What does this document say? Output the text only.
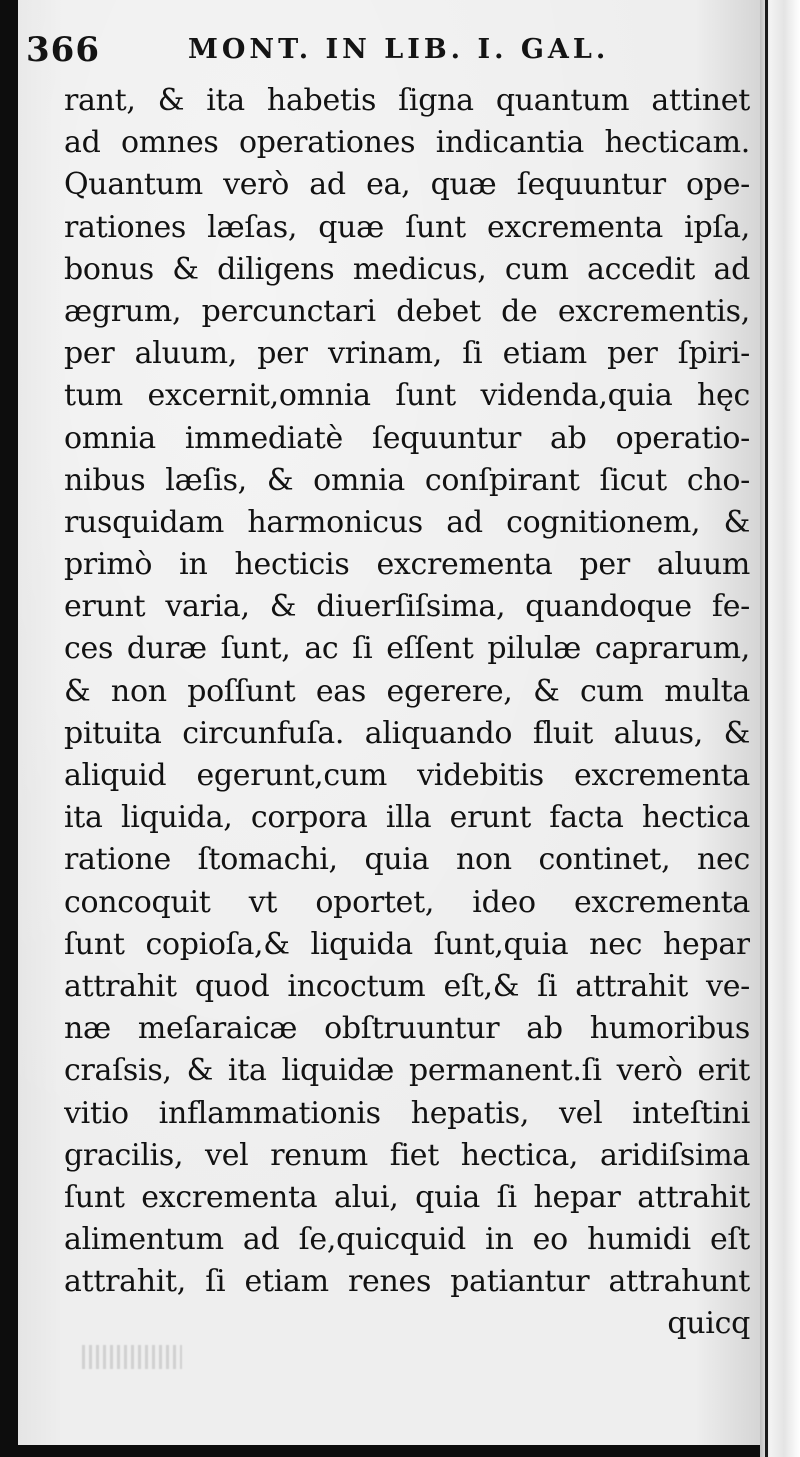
366	MONT. IN LIB. I. GAL.
rant, & ita habetis ſigna quantum attinet
ad omnes operationes indicantia hecticam.
Quantum verò ad ea, quæ ſequuntur ope-
rationes læſas, quæ ſunt excrementa ipſa,
bonus & diligens medicus, cum accedit ad
ægrum, percunctari debet de excrementis,
per aluum, per vrinam, ſi etiam per ſpiri-
tum excernit,omnia ſunt videnda,quia hęc
omnia immediatè ſequuntur ab operatio-
nibus læſis, & omnia conſpirant ſicut cho-
rusquidam harmonicus ad cognitionem, &
primò in hecticis excrementa per aluum
erunt varia, & diuerſiſsima, quandoque fe-
ces duræ ſunt, ac ſi eſſent pilulæ caprarum,
& non poſſunt eas egerere, & cum multa
pituita circunfuſa. aliquando fluit aluus, &
aliquid egerunt,cum videbitis excrementa
ita liquida, corpora illa erunt facta hectica
ratione ſtomachi, quia non continet, nec
concoquit vt oportet, ideo excrementa
ſunt copioſa,& liquida ſunt,quia nec hepar
attrahit quod incoctum eſt,& ſi attrahit ve-
næ meſaraicæ obſtruuntur ab humoribus
craſsis, & ita liquidæ permanent.ſi verò erit
vitio inflammationis hepatis, vel inteſtini
gracilis, vel renum fiet hectica, aridiſsima
ſunt excrementa alui, quia ſi hepar attrahit
alimentum ad ſe,quicquid in eo humidi eſt
attrahit, ſi etiam renes patiantur attrahunt
quicq
